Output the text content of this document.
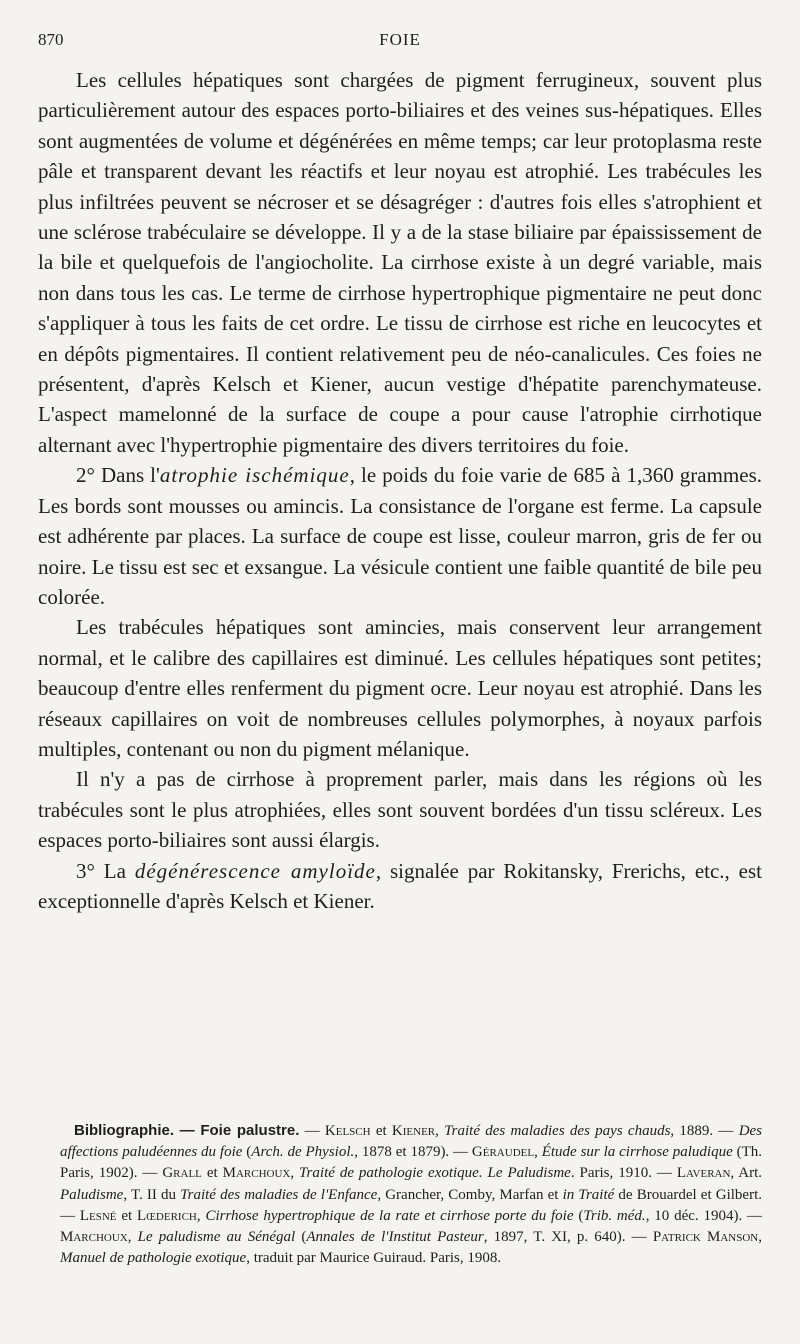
870	FOIE

Les cellules hépatiques sont chargées de pigment ferrugineux, souvent plus particulièrement autour des espaces porto-biliaires et des veines sus-hépatiques. Elles sont augmentées de volume et dégénérées en même temps; car leur protoplasma reste pâle et transparent devant les réactifs et leur noyau est atrophié. Les trabécules les plus infiltrées peuvent se nécroser et se désagréger : d'autres fois elles s'atrophient et une sclérose trabéculaire se développe. Il y a de la stase biliaire par épaississement de la bile et quelquefois de l'angiocholite. La cirrhose existe à un degré variable, mais non dans tous les cas. Le terme de cirrhose hypertrophique pigmentaire ne peut donc s'appliquer à tous les faits de cet ordre. Le tissu de cirrhose est riche en leucocytes et en dépôts pigmentaires. Il contient relativement peu de néo-canalicules. Ces foies ne présentent, d'après Kelsch et Kiener, aucun vestige d'hépatite parenchymateuse. L'aspect mamelonné de la surface de coupe a pour cause l'atrophie cirrhotique alternant avec l'hypertrophie pigmentaire des divers territoires du foie.

2° Dans l'atrophie ischémique, le poids du foie varie de 685 à 1,360 grammes. Les bords sont mousses ou amincis. La consistance de l'organe est ferme. La capsule est adhérente par places. La surface de coupe est lisse, couleur marron, gris de fer ou noire. Le tissu est sec et exsangue. La vésicule contient une faible quantité de bile peu colorée.

Les trabécules hépatiques sont amincies, mais conservent leur arrangement normal, et le calibre des capillaires est diminué. Les cellules hépatiques sont petites; beaucoup d'entre elles renferment du pigment ocre. Leur noyau est atrophié. Dans les réseaux capillaires on voit de nombreuses cellules polymorphes, à noyaux parfois multiples, contenant ou non du pigment mélanique.

Il n'y a pas de cirrhose à proprement parler, mais dans les régions où les trabécules sont le plus atrophiées, elles sont souvent bordées d'un tissu scléreux. Les espaces porto-biliaires sont aussi élargis.

3° La dégénérescence amyloïde, signalée par Rokitansky, Frerichs, etc., est exceptionnelle d'après Kelsch et Kiener.

Bibliographie. — Foie palustre. — Kelsch et Kiener, Traité des maladies des pays chauds, 1889. — Des affections paludéennes du foie (Arch. de Physiol., 1878 et 1879). — Géraudel, Étude sur la cirrhose paludique (Th. Paris, 1902). — Grall et Marchoux, Traité de pathologie exotique. Le Paludisme. Paris, 1910. — Laveran, Art. Paludisme, T. II du Traité des maladies de l'Enfance, Grancher, Comby, Marfan et in Traité de Brouardel et Gilbert. — Lesné et Lœderich, Cirrhose hypertrophique de la rate et cirrhose porte du foie (Trib. méd., 10 déc. 1904). — Marchoux, Le paludisme au Sénégal (Annales de l'Institut Pasteur, 1897, T. XI, p. 640). — Patrick Manson, Manuel de pathologie exotique, traduit par Maurice Guiraud. Paris, 1908.
